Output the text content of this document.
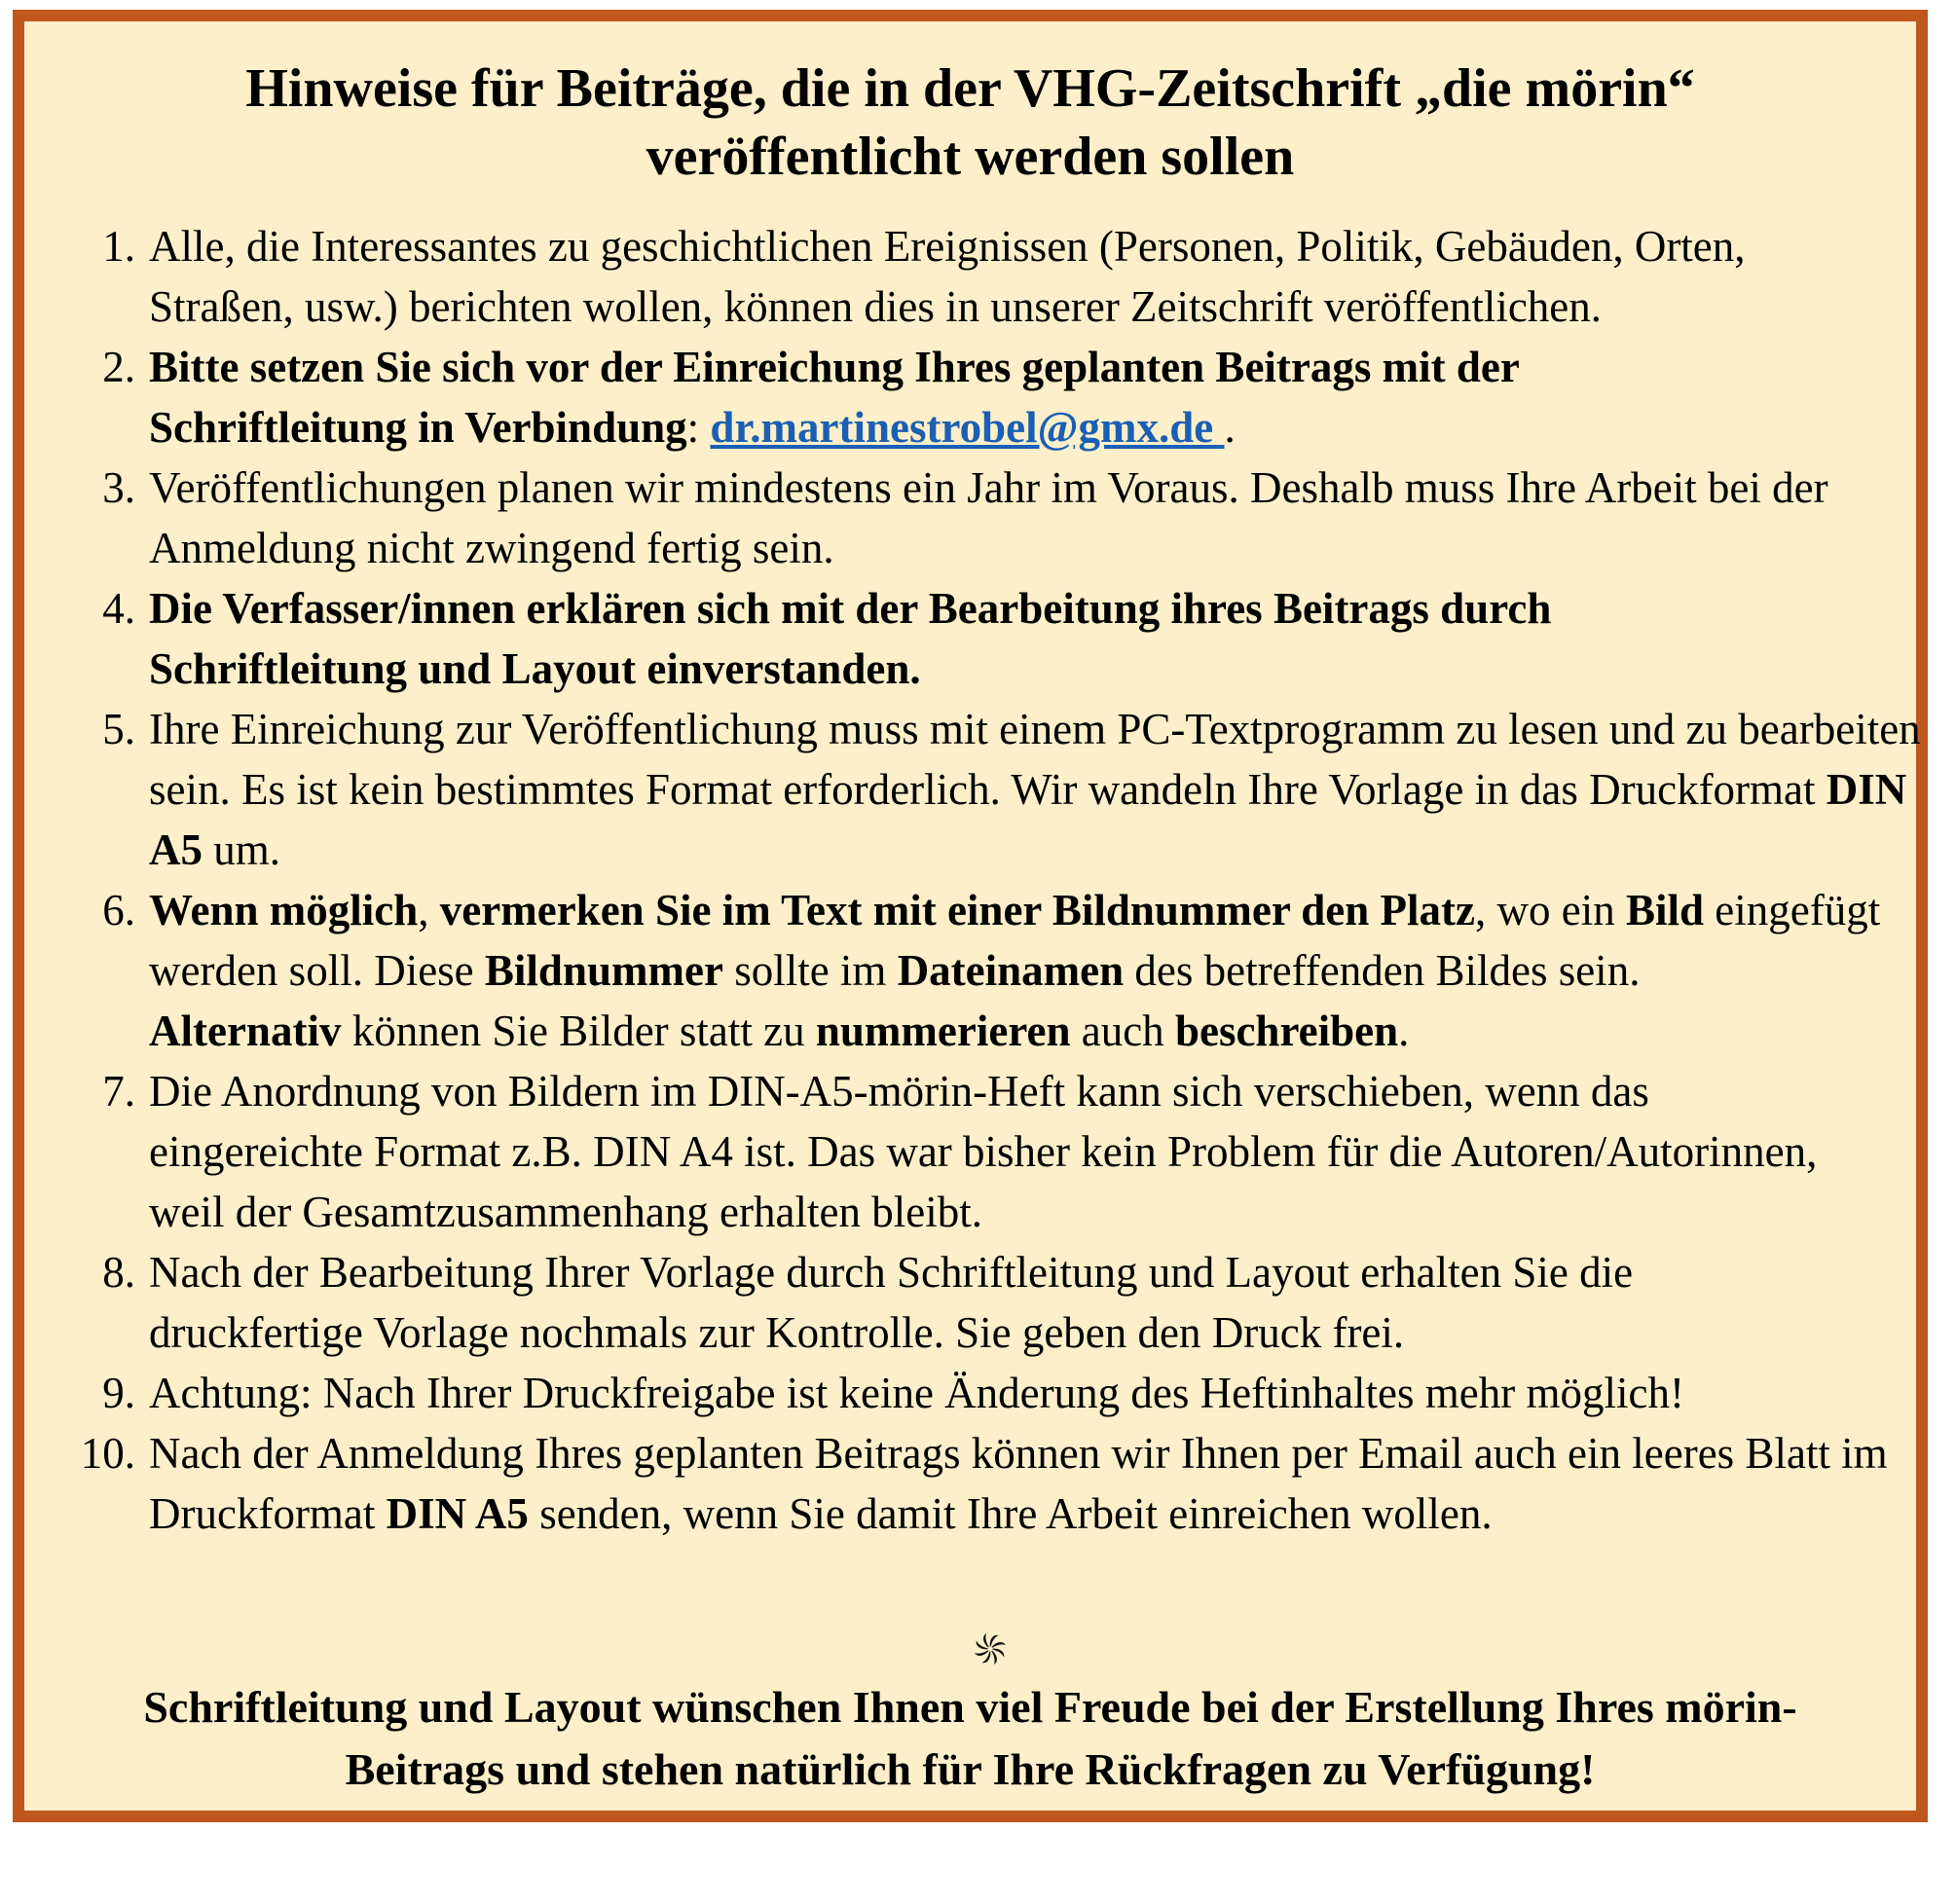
Hinweise für Beiträge, die in der VHG-Zeitschrift „die mörin“
veröffentlicht werden sollen
1. Alle, die Interessantes zu geschichtlichen Ereignissen (Personen, Politik, Gebäuden, Orten, Straßen, usw.) berichten wollen, können dies in unserer Zeitschrift veröffentlichen.

2. Bitte setzen Sie sich vor der Einreichung Ihres geplanten Beitrags mit der Schriftleitung in Verbindung: dr.martinestrobel@gmx.de .

3. Veröffentlichungen planen wir mindestens ein Jahr im Voraus. Deshalb muss Ihre Arbeit bei der Anmeldung nicht zwingend fertig sein.

4. Die Verfasser/innen erklären sich mit der Bearbeitung ihres Beitrags durch Schriftleitung und Layout einverstanden.

5. Ihre Einreichung zur Veröffentlichung muss mit einem PC-Textprogramm zu lesen und zu bearbeiten sein. Es ist kein bestimmtes Format erforderlich. Wir wandeln Ihre Vorlage in das Druckformat DIN A5 um.

6. Wenn möglich, vermerken Sie im Text mit einer Bildnummer den Platz, wo ein Bild eingefügt werden soll. Diese Bildnummer sollte im Dateinamen des betreffenden Bildes sein.

Alternativ können Sie Bilder statt zu nummerieren auch beschreiben.

7. Die Anordnung von Bildern im DIN-A5-mörin-Heft kann sich verschieben, wenn das eingereichte Format z.B. DIN A4 ist. Das war bisher kein Problem für die Autoren/Autorinnen, weil der Gesamtzusammenhang erhalten bleibt.

8. Nach der Bearbeitung Ihrer Vorlage durch Schriftleitung und Layout erhalten Sie die druckfertige Vorlage nochmals zur Kontrolle. Sie geben den Druck frei.

9. Achtung: Nach Ihrer Druckfreigabe ist keine Änderung des Heftinhaltes mehr möglich!

10. Nach der Anmeldung Ihres geplanten Beitrags können wir Ihnen per Email auch ein leeres Blatt im Druckformat DIN A5 senden, wenn Sie damit Ihre Arbeit einreichen wollen.

Schriftleitung und Layout wünschen Ihnen viel Freude bei der Erstellung Ihres mörin-
Beitrags und stehen natürlich für Ihre Rückfragen zu Verfügung!
